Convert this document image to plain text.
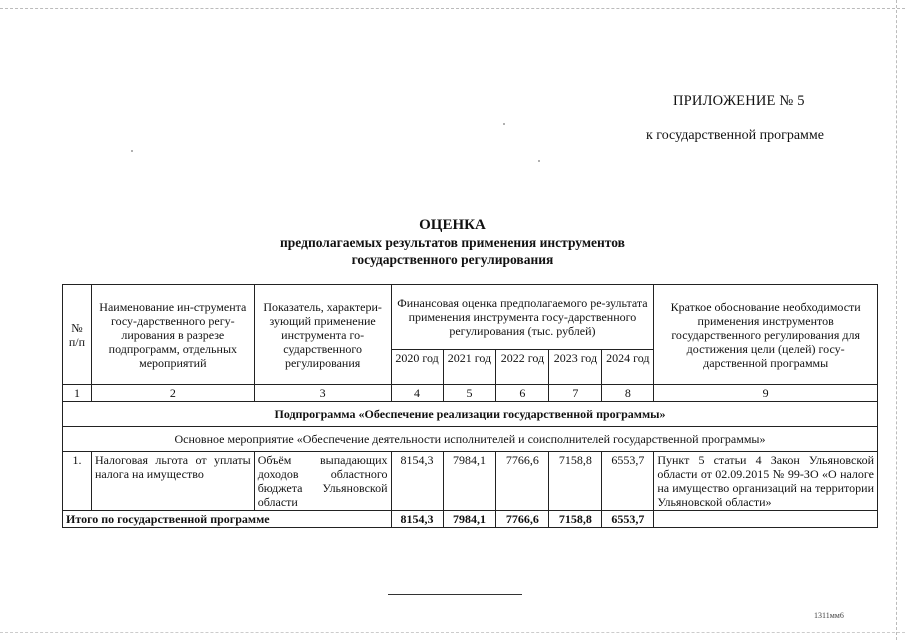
ПРИЛОЖЕНИЕ № 5
к государственной программе
ОЦЕНКА
предполагаемых результатов применения инструментов
государственного регулирования
№ п/п	Наименование ин-струмента госу-дарственного регу-лирования в разрезе подпрограмм, отдельных мероприятий	Показатель, характери-зующий применение инструмента го-сударственного регулирования	Финансовая оценка предполагаемого ре-зультата применения инструмента госу-дарственного регулирования (тыс. рублей)					Краткое обоснование необходимости применения инструментов государственного регулирования для достижения цели (целей) госу-дарственной программы
			2020 год	2021 год	2022 год	2023 год	2024 год	
1	2	3	4	5	6	7	8	9
Подпрограмма «Обеспечение реализации государственной программы»								
Основное мероприятие «Обеспечение деятельности исполнителей и соисполнителей государственной программы»								
1.	Налоговая льгота от уплаты налога на имущество	Объём выпадающих доходов областного бюджета Ульяновской области	8154,3	7984,1	7766,6	7158,8	6553,7	Пункт 5 статьи 4 Закон Ульяновской области от 02.09.2015 № 99-ЗО «О налоге на имущество организаций на территории Ульяновской области»
Итого по государственной программе			8154,3	7984,1	7766,6	7158,8	6553,7	
1311мм6
